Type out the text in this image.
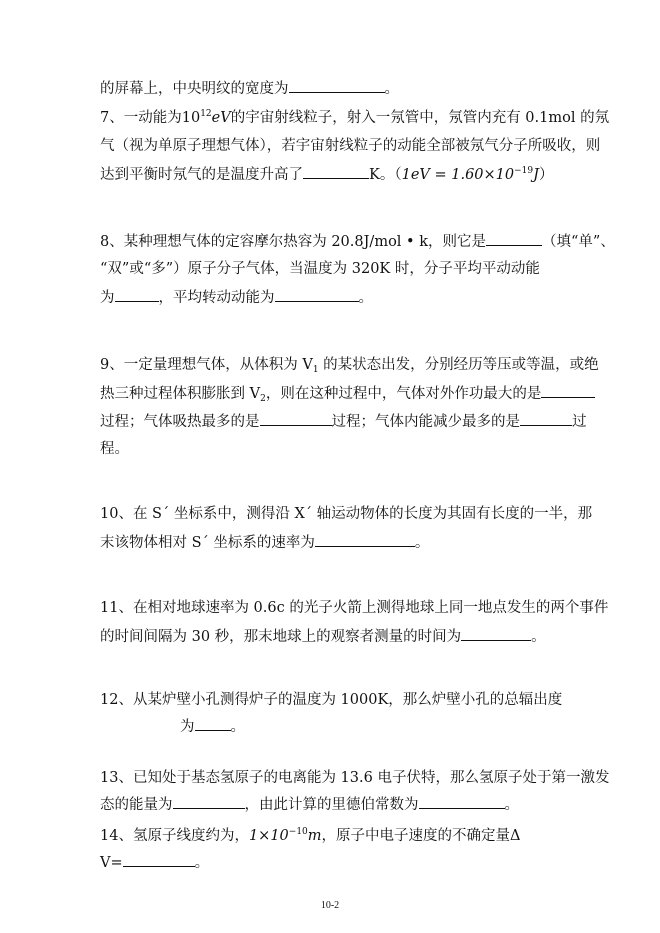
的屏幕上，中央明纹的宽度为	。
7、一动能为$10^{12}eV$的宇宙射线粒子，射入一氖管中，氖管内充有 0.1mol 的氖
气（视为单原子理想气体），若宇宙射线粒子的动能全部被氖气分子所吸收，则
达到平衡时氖气的是温度升高了	K。$(1eV = 1.60\times 10^{-19}J)$
8、某种理想气体的定容摩尔热容为 20.8J/mol • k，则它是	（填“单”、
“双”或“多”）原子分子气体，当温度为 320K 时，分子平均平动动能
为	，平均转动动能为	。
9、一定量理想气体，从体积为 $V_1$ 的某状态出发，分别经历等压或等温，或绝
热三种过程体积膨胀到 $V_2$，则在这种过程中，气体对外作功最大的是
过程；气体吸热最多的是	过程；气体内能减少最多的是	过
程。
10、在 S´ 坐标系中，测得沿 X´ 轴运动物体的长度为其固有长度的一半，那
末该物体相对 S´ 坐标系的速率为	。
11、在相对地球速率为 0.6c 的光子火箭上测得地球上同一地点发生的两个事件
的时间间隔为 30 秒，那末地球上的观察者测量的时间为	。
12、从某炉壁小孔测得炉子的温度为 1000K，那么炉壁小孔的总辐出度
为 。
13、已知处于基态氢原子的电离能为 13.6 电子伏特，那么氢原子处于第一激发
态的能量为	，由此计算的里德伯常数为	。
14、氢原子线度约为，$1\times 10^{-10}m$，原子中电子速度的不确定量Δ
V=	。
10-2
